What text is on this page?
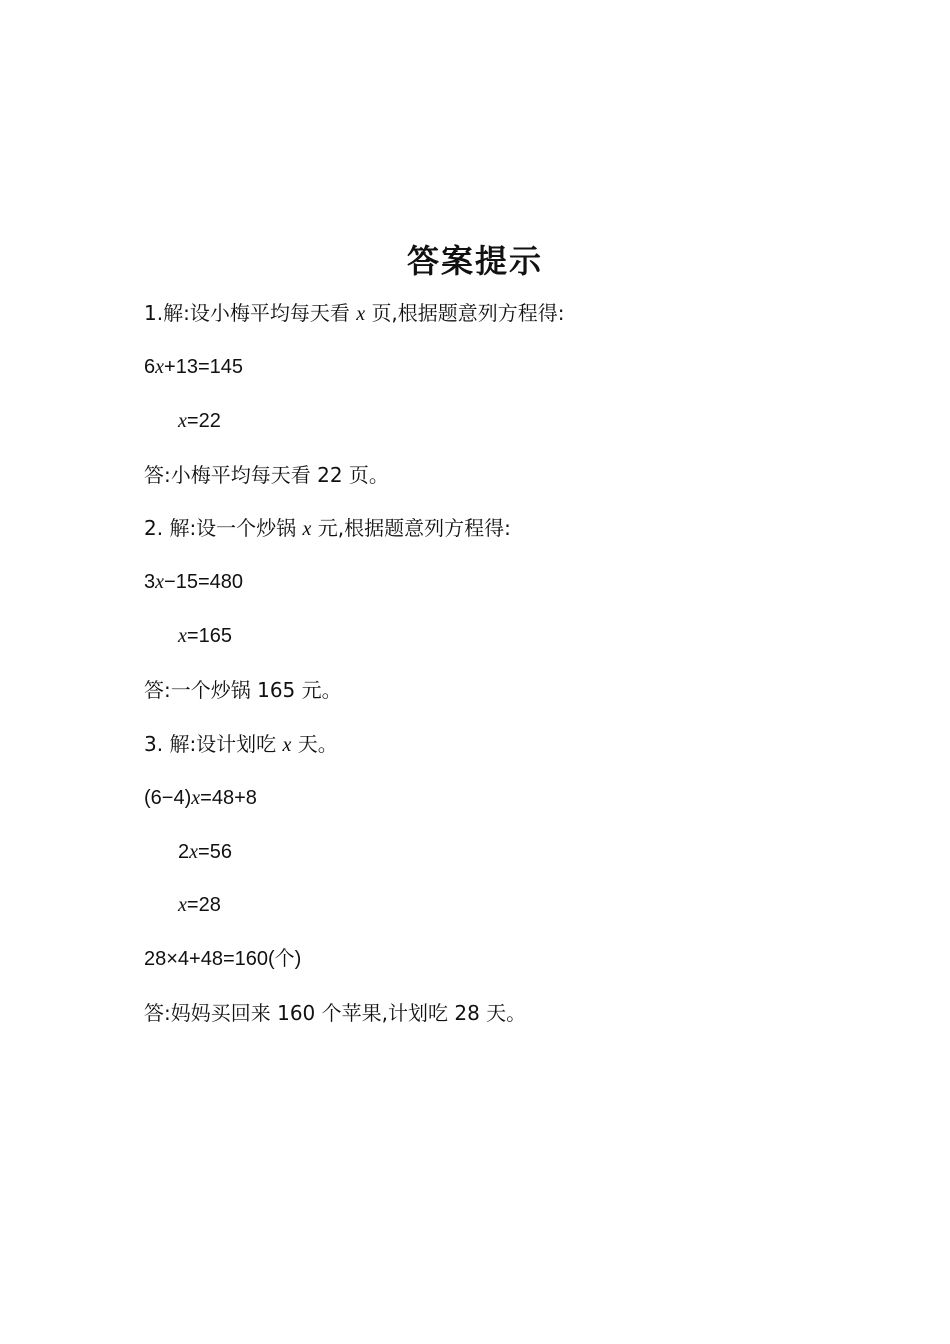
答案提示
1.解:设小梅平均每天看 x 页,根据题意列方程得:
6x+13=145
x=22
答:小梅平均每天看 22 页。
2. 解:设一个炒锅 x 元,根据题意列方程得:
3x−15=480
x=165
答:一个炒锅 165 元。
3. 解:设计划吃 x 天。
(6−4)x=48+8
2x=56
x=28
28×4+48=160(个)
答:妈妈买回来 160 个苹果,计划吃 28 天。
